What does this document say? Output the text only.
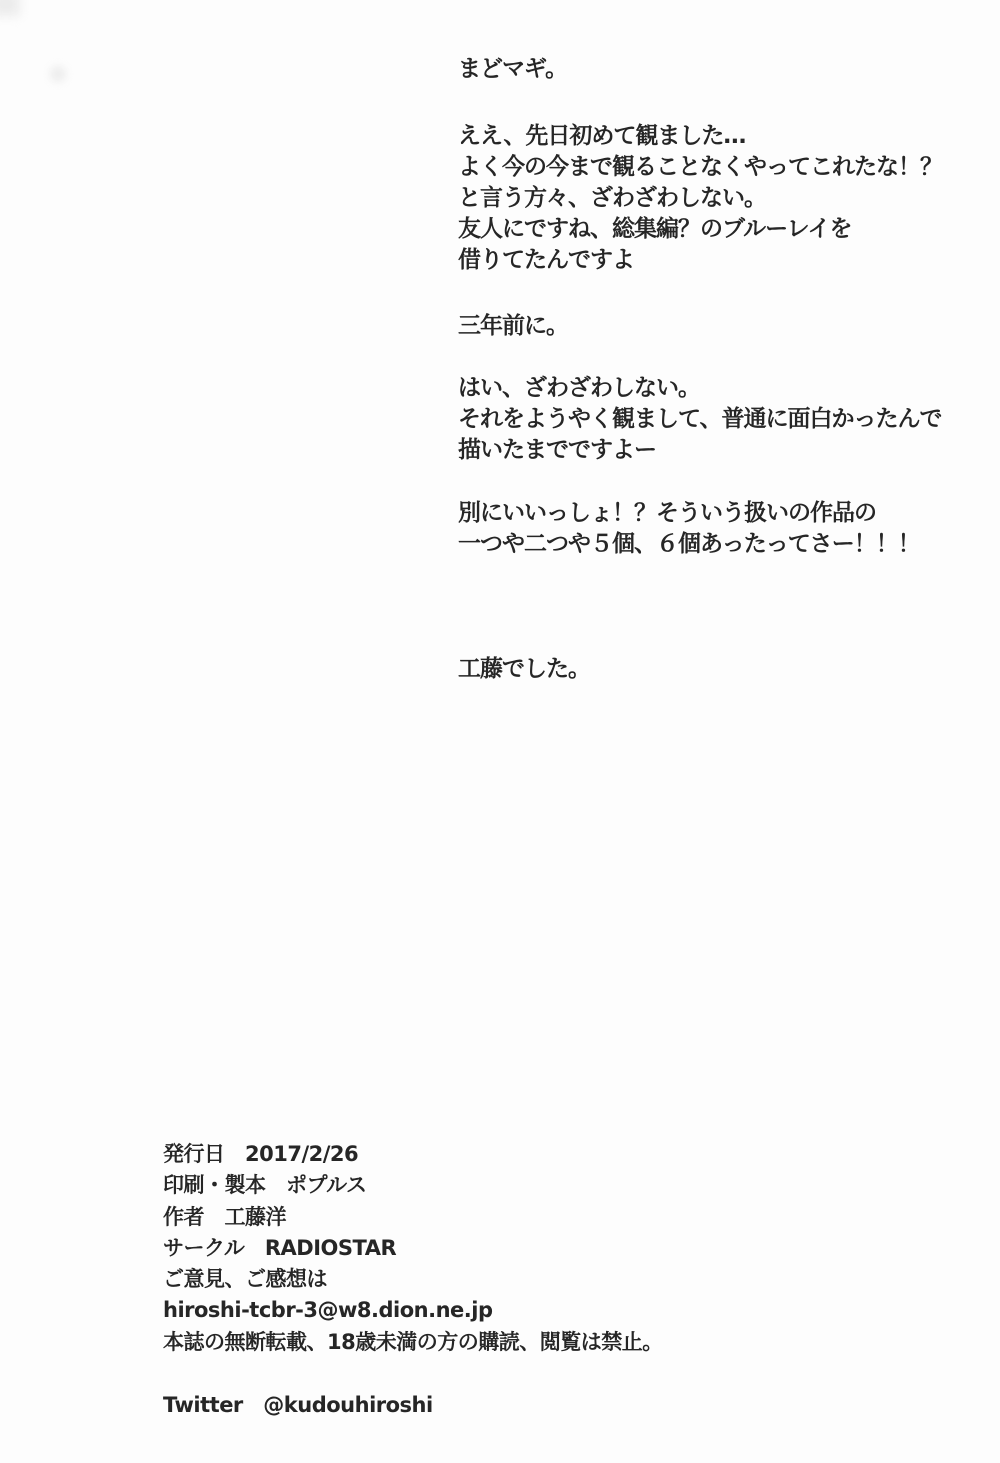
まどマギ。

ええ、先日初めて観ました…
よく今の今まで観ることなくやってこれたな！？
と言う方々、ざわざわしない。
友人にですね、総集編？のブルーレイを
借りてたんですよ

三年前に。

はい、ざわざわしない。
それをようやく観まして、普通に面白かったんで
描いたまでですよー

別にいいっしょ！？そういう扱いの作品の
一つや二つや５個、６個あったってさー！！！

工藤でした。

発行日　2017/2/26
印刷・製本　ポプルス
作者　工藤洋
サークル　RADIOSTAR
ご意見、ご感想は
hiroshi-tcbr-3@w8.dion.ne.jp
本誌の無断転載、18歳未満の方の購読、閲覧は禁止。
Twitter　@kudouhiroshi
